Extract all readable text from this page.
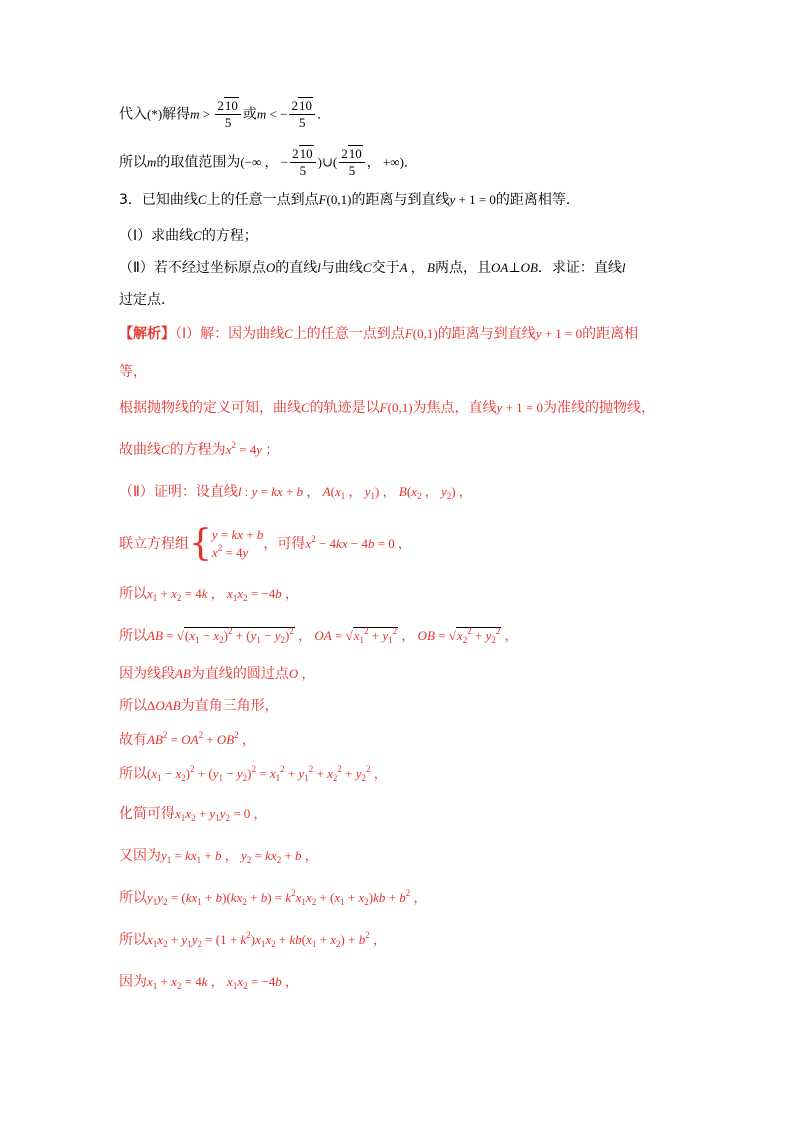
代入(*)解得$m > \frac{210}{5}$ 或m < − $\frac{210}{5}$ ．
所以m的取值范围为(−∞ ， − $\frac{210}{5}$ )∪( $\frac{210}{5}$ ， +∞)．
3．已知曲线C上的任意一点到点F(0,1)的距离与到直线y + 1 = 0的距离相等．
（Ⅰ）求曲线C的方程；
（Ⅱ）若不经过坐标原点O的直线l与曲线C交于A ， B两点，且OA⊥OB．求证：直线l
过定点．
【解析】（Ⅰ）解：因为曲线C上的任意一点到点F(0,1)的距离与到直线y + 1 = 0的距离相
等，
根据抛物线的定义可知，曲线C的轨迹是以F(0,1)为焦点，直线y + 1 = 0为准线的抛物线，
故曲线C的方程为$x^2 = 4y$ ；
（Ⅱ）证明：设直线l : y = kx + b ， $A(x_1$ ， $y_1$) ， $B(x_2$ ， $y_2$) ，
联立方程组{ y = kx + b
$x^2 = 4y$
，可得$x^2 - 4kx - 4b = 0$ ，
所以$x_1 + x_2 = 4k$ ， $x_1x_2 = -4b$ ，
所以AB = $√(x_1 - x_2)^2 + (y_1 - y_2)^2$ ， OA = $√x_1^2 + y_1^2$ ， OB = $√x_2^2 + y_2^2$ ，
因为线段AB为直线的圆过点O ，
所以ΔOAB为直角三角形，
故有$AB^2 = OA^2 + OB^2$ ，
所以$(x_1 - x_2)^2 + (y_1 - y_2)^2 = x_1^2 + y_1^2 + x_2^2 + y_2^2$ ，
化简可得$x_1x_2 + y_1y_2 = 0$ ，
又因为$y_1 = kx_1 + b$ ， $y_2 = kx_2 + b$ ，
所以$y_1y_2 = (kx_1 + b)(kx_2 + b) = k^2x_1x_2 + (x_1 + x_2)kb + b^2$ ，
所以$x_1x_2 + y_1y_2 = (1 + k^2)x_1x_2 + kb(x_1 + x_2) + b^2$ ，
因为$x_1 + x_2 = 4k$ ， $x_1x_2 = -4b$ ，
